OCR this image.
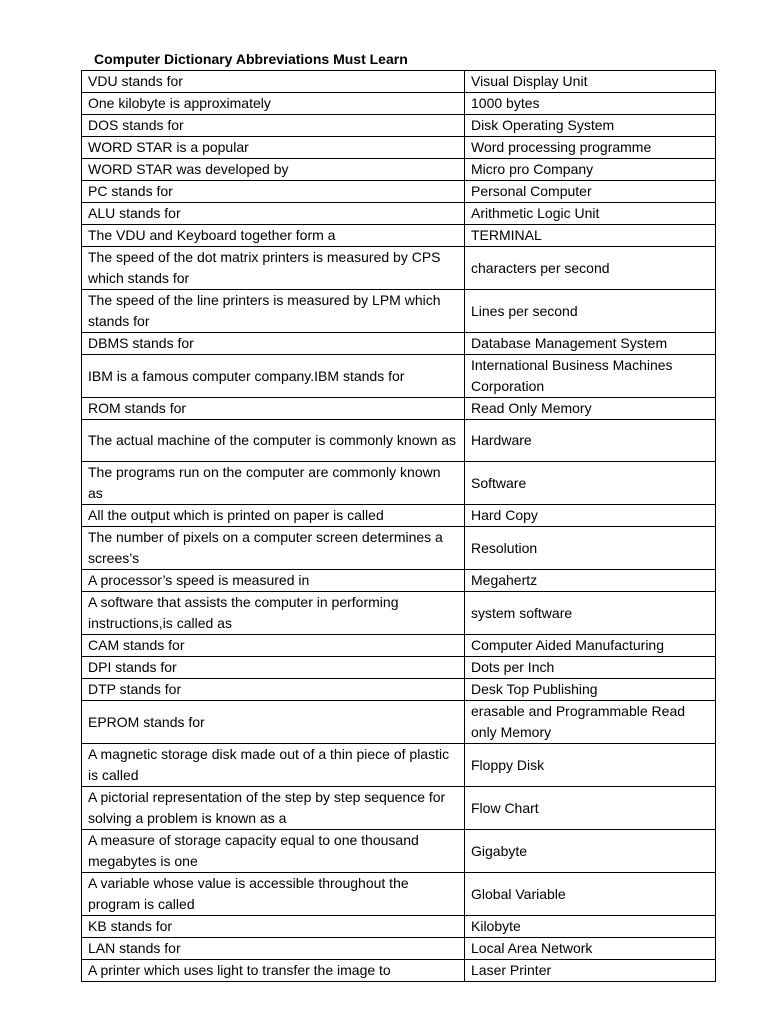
Computer Dictionary Abbreviations Must Learn
VDU stands for	Visual Display Unit
One kilobyte is approximately	1000 bytes
DOS stands for	Disk Operating System
WORD STAR is a popular	Word processing programme
WORD STAR was developed by	Micro pro Company
PC stands for	Personal Computer
ALU stands for	Arithmetic Logic Unit
The VDU and Keyboard together form a	TERMINAL
The speed of the dot matrix printers is measured by CPS which stands for	characters per second
The speed of the line printers is measured by LPM which stands for	Lines per second
DBMS stands for	Database Management System
IBM is a famous computer company.IBM stands for	International Business Machines Corporation
ROM stands for	Read Only Memory
The actual machine of the computer is commonly known as	Hardware
The programs run on the computer are commonly known as	Software
All the output which is printed on paper is called	Hard Copy
The number of pixels on a computer screen determines a screes’s	Resolution
A processor’s speed is measured in	Megahertz
A software that assists the computer in performing instructions,is called as	system software
CAM stands for	Computer Aided Manufacturing
DPI stands for	Dots per Inch
DTP stands for	Desk Top Publishing
EPROM stands for	erasable and Programmable Read only Memory
A magnetic storage disk made out of a thin piece of plastic is called	Floppy Disk
A pictorial representation of the step by step sequence for solving a problem is known as a	Flow Chart
A measure of storage capacity equal to one thousand megabytes is one	Gigabyte
A variable whose value is accessible throughout the program is called	Global Variable
KB stands for	Kilobyte
LAN stands for	Local Area Network
A printer which uses light to transfer the image to	Laser Printer
